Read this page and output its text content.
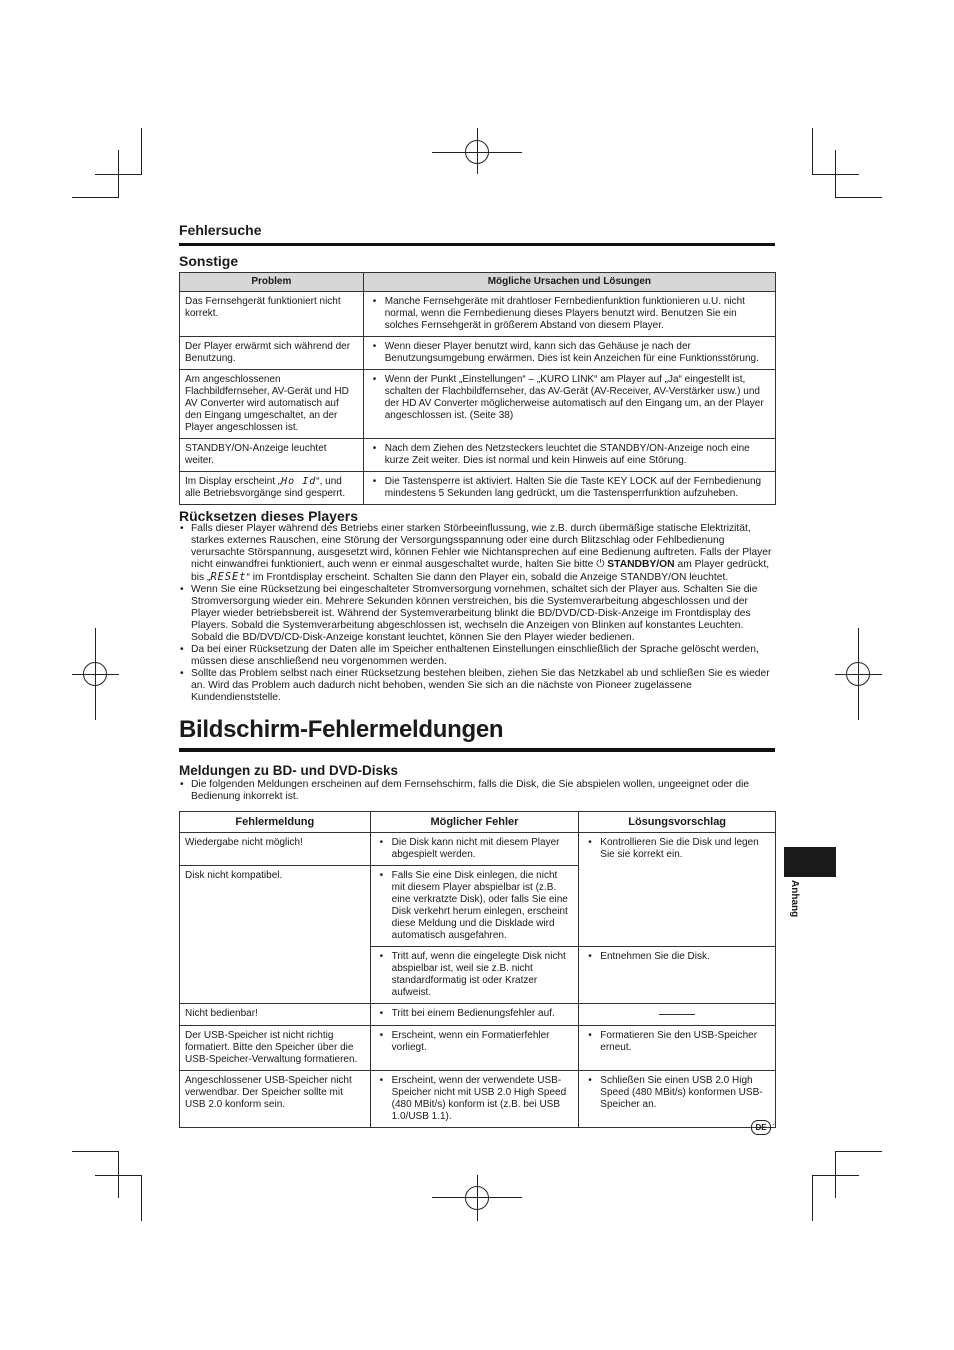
Fehlersuche
Sonstige
Problem	Mögliche Ursachen und Lösungen
Das Fernsehgerät funktioniert nicht korrekt.	• Manche Fernsehgeräte mit drahtloser Fernbedienfunktion funktionieren u.U. nicht normal, wenn die Fernbedienung dieses Players benutzt wird. Benutzen Sie ein solches Fernsehgerät in größerem Abstand von diesem Player.

Der Player erwärmt sich während der Benutzung.	• Wenn dieser Player benutzt wird, kann sich das Gehäuse je nach der Benutzungsumgebung erwärmen. Dies ist kein Anzeichen für eine Funktionsstörung.

Am angeschlossenen Flachbildfernseher, AV-Gerät und HD AV Converter wird automatisch auf den Eingang umgeschaltet, an der Player angeschlossen ist.	• Wenn der Punkt „Einstellungen“ – „KURO LINK“ am Player auf „Ja“ eingestellt ist, schalten der Flachbildfernseher, das AV-Gerät (AV-Receiver, AV-Verstärker usw.) und der HD AV Converter möglicherweise automatisch auf den Eingang um, an der Player angeschlossen ist. (Seite 38)

STANDBY/ON-Anzeige leuchtet weiter.	• Nach dem Ziehen des Netzsteckers leuchtet die STANDBY/ON-Anzeige noch eine kurze Zeit weiter. Dies ist normal und kein Hinweis auf eine Störung.

Im Display erscheint „Ho Id“, und alle Betriebsvorgänge sind gesperrt.	• Die Tastensperre ist aktiviert. Halten Sie die Taste KEY LOCK auf der Fernbedienung mindestens 5 Sekunden lang gedrückt, um die Tastensperrfunktion aufzuheben.
Rücksetzen dieses Players

• Falls dieser Player während des Betriebs einer starken Störbeeinflussung, wie z.B. durch übermäßige statische Elektrizität, starkes externes Rauschen, eine Störung der Versorgungsspannung oder eine durch Blitzschlag oder Fehlbedienung verursachte Störspannung, ausgesetzt wird, können Fehler wie Nichtansprechen auf eine Bedienung auftreten. Falls der Player nicht einwandfrei funktioniert, auch wenn er einmal ausgeschaltet wurde, halten Sie bitte ⏻ STANDBY/ON am Player gedrückt, bis „RESEt“ im Frontdisplay erscheint. Schalten Sie dann den Player ein, sobald die Anzeige STANDBY/ON leuchtet.

• Wenn Sie eine Rücksetzung bei eingeschalteter Stromversorgung vornehmen, schaltet sich der Player aus. Schalten Sie die Stromversorgung wieder ein. Mehrere Sekunden können verstreichen, bis die Systemverarbeitung abgeschlossen und der Player wieder betriebsbereit ist. Während der Systemverarbeitung blinkt die BD/DVD/CD-Disk-Anzeige im Frontdisplay des Players. Sobald die Systemverarbeitung abgeschlossen ist, wechseln die Anzeigen von Blinken auf konstantes Leuchten. Sobald die BD/DVD/CD-Disk-Anzeige konstant leuchtet, können Sie den Player wieder bedienen.

• Da bei einer Rücksetzung der Daten alle im Speicher enthaltenen Einstellungen einschließlich der Sprache gelöscht werden, müssen diese anschließend neu vorgenommen werden.

• Sollte das Problem selbst nach einer Rücksetzung bestehen bleiben, ziehen Sie das Netzkabel ab und schließen Sie es wieder an. Wird das Problem auch dadurch nicht behoben, wenden Sie sich an die nächste von Pioneer zugelassene Kundendienststelle.

Bildschirm-Fehlermeldungen
Meldungen zu BD- und DVD-Disks

• Die folgenden Meldungen erscheinen auf dem Fernsehschirm, falls die Disk, die Sie abspielen wollen, ungeeignet oder die Bedienung inkorrekt ist.

Fehlermeldung	Möglicher Fehler	Lösungsvorschlag
Wiedergabe nicht möglich!	• Die Disk kann nicht mit diesem Player abgespielt werden.	• Kontrollieren Sie die Disk und legen Sie sie korrekt ein.

Disk nicht kompatibel.	• Falls Sie eine Disk einlegen, die nicht mit diesem Player abspielbar ist (z.B. eine verkratzte Disk), oder falls Sie eine Disk verkehrt herum einlegen, erscheint diese Meldung und die Disklade wird automatisch ausgefahren.

	• Tritt auf, wenn die eingelegte Disk nicht abspielbar ist, weil sie z.B. nicht standardformatig ist oder Kratzer aufweist.	• Entnehmen Sie die Disk.

Nicht bedienbar!	• Tritt bei einem Bedienungsfehler auf.

Der USB-Speicher ist nicht richtig formatiert. Bitte den Speicher über die USB-Speicher-Verwaltung formatieren.	• Erscheint, wenn ein Formatierfehler vorliegt.	• Formatieren Sie den USB-Speicher erneut.

Angeschlossener USB-Speicher nicht verwendbar. Der Speicher sollte mit USB 2.0 konform sein.	• Erscheint, wenn der verwendete USB-Speicher nicht mit USB 2.0 High Speed (480 MBit/s) konform ist (z.B. bei USB 1.0/USB 1.1).	• Schließen Sie einen USB 2.0 High Speed (480 MBit/s) konformen USB-Speicher an.
Anhang
DE ·
